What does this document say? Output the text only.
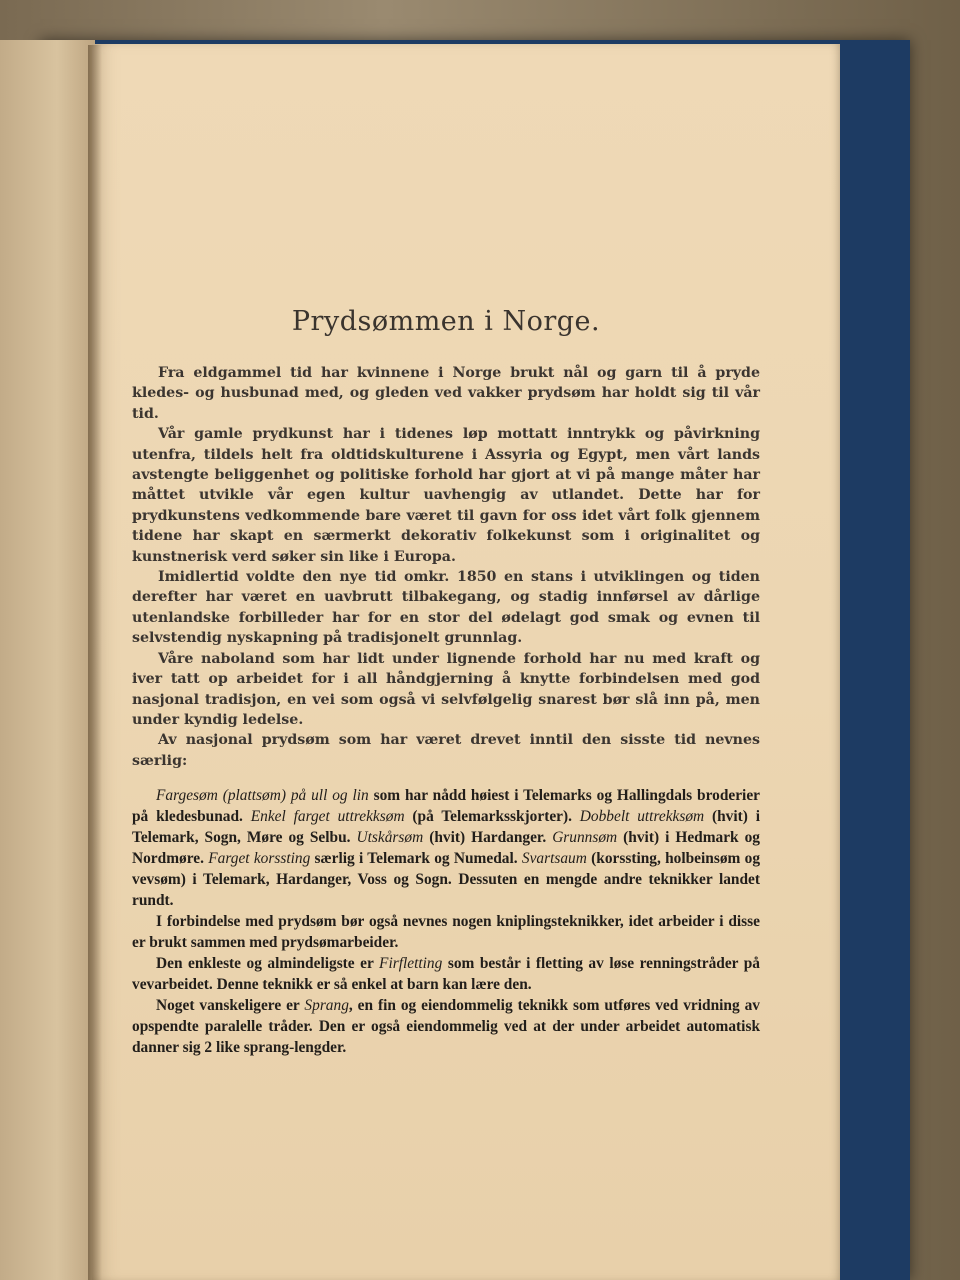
Prydsømmen i Norge.

Fra eldgammel tid har kvinnene i Norge brukt nål og garn til å pryde kledes- og husbunad med, og gleden ved vakker prydsøm har holdt sig til vår tid.

Vår gamle prydkunst har i tidenes løp mottatt inntrykk og påvirkning utenfra, tildels helt fra oldtidskulturene i Assyria og Egypt, men vårt lands avstengte beliggenhet og politiske forhold har gjort at vi på mange måter har måttet utvikle vår egen kultur uavhengig av utlandet. Dette har for prydkunstens vedkommende bare været til gavn for oss idet vårt folk gjennem tidene har skapt en særmerkt dekorativ folkekunst som i originalitet og kunstnerisk verd søker sin like i Europa.

Imidlertid voldte den nye tid omkr. 1850 en stans i utviklingen og tiden derefter har været en uavbrutt tilbakegang, og stadig innførsel av dårlige utenlandske forbilleder har for en stor del ødelagt god smak og evnen til selvstendig nyskapning på tradisjonelt grunnlag.

Våre naboland som har lidt under lignende forhold har nu med kraft og iver tatt op arbeidet for i all håndgjerning å knytte forbindelsen med god nasjonal tradisjon, en vei som også vi selvfølgelig snarest bør slå inn på, men under kyndig ledelse.

Av nasjonal prydsøm som har været drevet inntil den sisste tid nevnes særlig:

Fargesøm (plattsøm) på ull og lin som har nådd høiest i Telemarks og Hallingdals broderier på kledesbunad. Enkel farget uttrekksøm (på Telemarksskjorter). Dobbelt uttrekksøm (hvit) i Telemark, Sogn, Møre og Selbu. Utskårsøm (hvit) Hardanger. Grunnsøm (hvit) i Hedmark og Nordmøre. Farget korssting særlig i Telemark og Numedal. Svartsaum (korssting, holbeinsøm og vevsøm) i Telemark, Hardanger, Voss og Sogn. Dessuten en mengde andre teknikker landet rundt.

I forbindelse med prydsøm bør også nevnes nogen kniplingsteknikker, idet arbeider i disse er brukt sammen med prydsømarbeider.

Den enkleste og almindeligste er Firfletting som består i fletting av løse renningstråder på vevarbeidet. Denne teknikk er så enkel at barn kan lære den.

Noget vanskeligere er Sprang, en fin og eiendommelig teknikk som utføres ved vridning av opspendte paralelle tråder. Den er også eiendommelig ved at der under arbeidet automatisk danner sig 2 like sprang-lengder.
